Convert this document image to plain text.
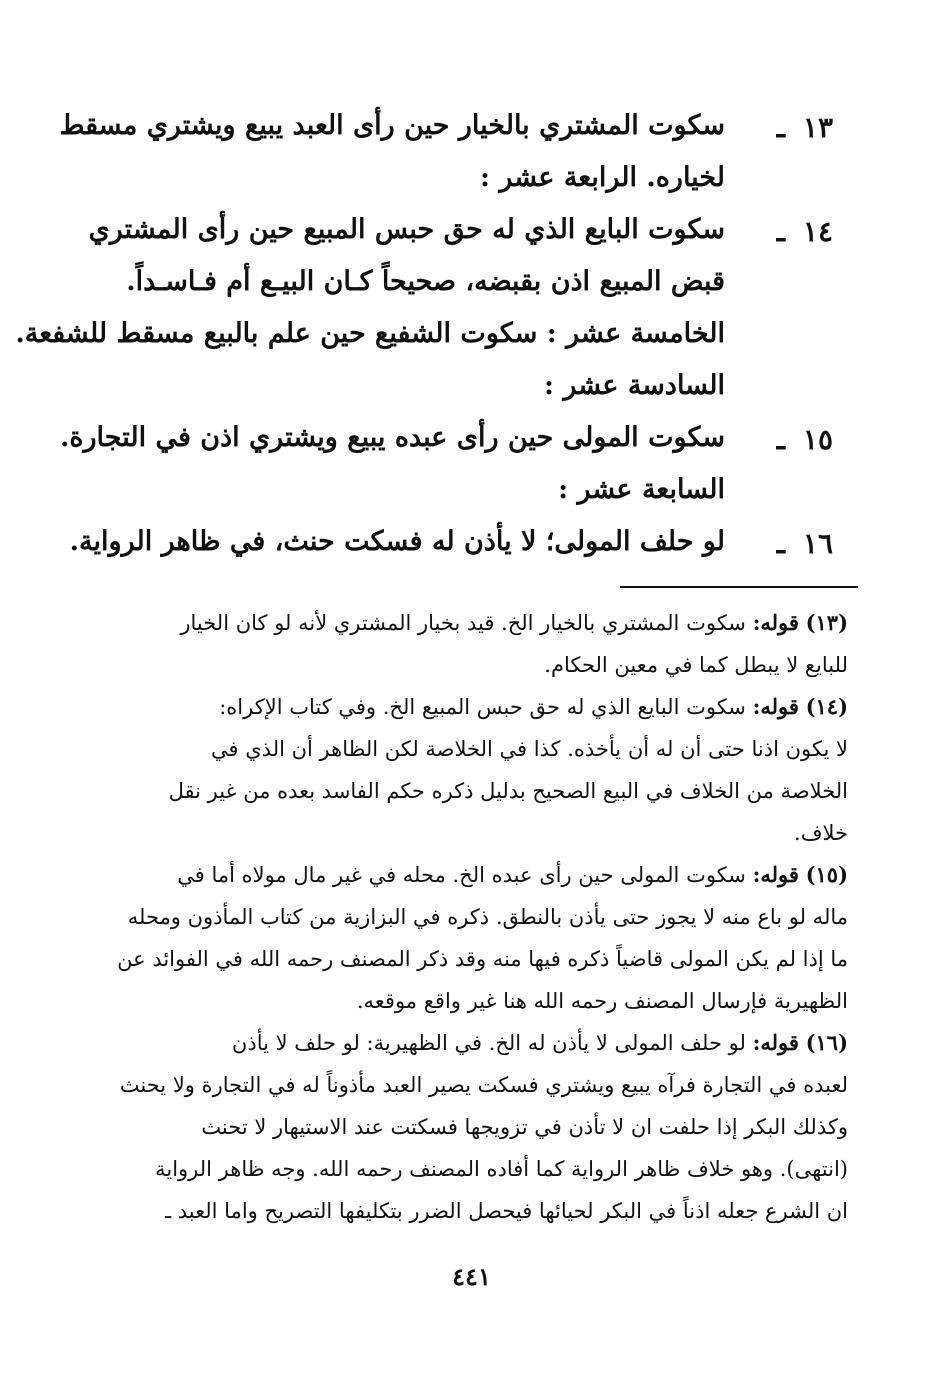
١٣
ـ
سكوت المشتري بالخيار حين رأى العبد يبيع ويشتري مسقط
لخياره. الرابعة عشر :
١٤
ـ
سكوت البايع الذي له حق حبس المبيع حين رأى المشتري
قبض المبيع اذن بقبضه، صحيحاً كـان البيـع أم فـاسـداً.
الخامسة عشر : سكوت الشفيع حين علم بالبيع مسقط للشفعة.
السادسة عشر :
١٥
ـ
سكوت المولى حين رأى عبده يبيع ويشتري اذن في التجارة.
السابعة عشر :
١٦
ـ
لو حلف المولى؛ لا يأذن له فسكت حنث، في ظاهر الرواية.
(١٣) قوله: سكوت المشتري بالخيار الخ. قيد بخيار المشتري لأنه لو كان الخيار
للبايع لا يبطل كما في معين الحكام.
(١٤) قوله: سكوت البايع الذي له حق حبس المبيع الخ. وفي كتاب الإكراه:
لا يكون اذنا حتى أن له أن يأخذه. كذا في الخلاصة لكن الظاهر أن الذي في
الخلاصة من الخلاف في البيع الصحيح بدليل ذكره حكم الفاسد بعده من غير نقل
خلاف.
(١٥) قوله: سكوت المولى حين رأى عبده الخ. محله في غير مال مولاه أما في
ماله لو باع منه لا يجوز حتى يأذن بالنطق. ذكره في البزازية من كتاب المأذون ومحله
ما إذا لم يكن المولى قاضياً ذكره فيها منه وقد ذكر المصنف رحمه الله في الفوائد عن
الظهيرية فإرسال المصنف رحمه الله هنا غير واقع موقعه.
(١٦) قوله: لو حلف المولى لا يأذن له الخ. في الظهيرية: لو حلف لا يأذن
لعبده في التجارة فرآه يبيع ويشتري فسكت يصير العبد مأذوناً له في التجارة ولا يحنث
وكذلك البكر إذا حلفت ان لا تأذن في تزويجها فسكتت عند الاستيهار لا تحنث
(انتهى). وهو خلاف ظاهر الرواية كما أفاده المصنف رحمه الله. وجه ظاهر الرواية
ان الشرع جعله اذناً في البكر لحيائها فيحصل الضرر بتكليفها التصريح واما العبد ـ
٤٤١
